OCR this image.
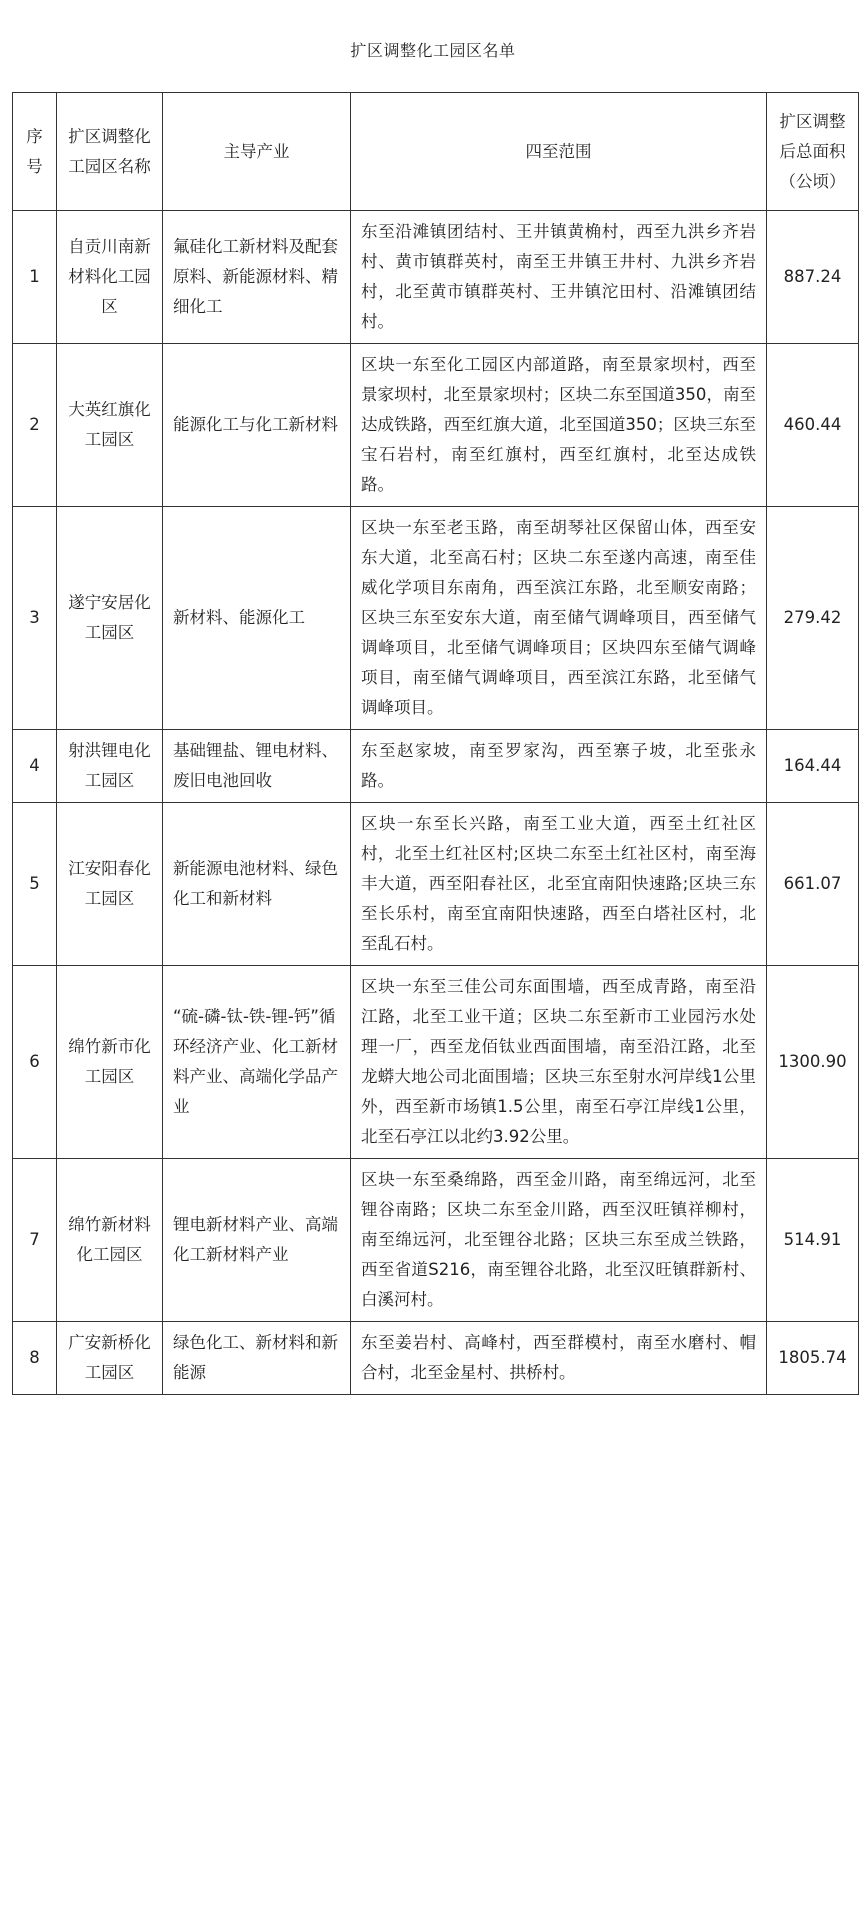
扩区调整化工园区名单
序号	扩区调整化工园区名称	主导产业	四至范围	扩区调整后总面积（公顷）
1	自贡川南新材料化工园区	氟硅化工新材料及配套原料、新能源材料、精细化工	东至沿滩镇团结村、王井镇黄桷村，西至九洪乡齐岩村、黄市镇群英村，南至王井镇王井村、九洪乡齐岩村，北至黄市镇群英村、王井镇沱田村、沿滩镇团结村。	887.24
2	大英红旗化工园区	能源化工与化工新材料	区块一东至化工园区内部道路，南至景家坝村，西至景家坝村，北至景家坝村；区块二东至国道350，南至达成铁路，西至红旗大道，北至国道350；区块三东至宝石岩村，南至红旗村，西至红旗村，北至达成铁路。	460.44
3	遂宁安居化工园区	新材料、能源化工	区块一东至老玉路，南至胡琴社区保留山体，西至安东大道，北至高石村；区块二东至遂内高速，南至佳威化学项目东南角，西至滨江东路，北至顺安南路；区块三东至安东大道，南至储气调峰项目，西至储气调峰项目，北至储气调峰项目；区块四东至储气调峰项目，南至储气调峰项目，西至滨江东路，北至储气调峰项目。	279.42
4	射洪锂电化工园区	基础锂盐、锂电材料、废旧电池回收	东至赵家坡，南至罗家沟，西至寨子坡，北至张永路。	164.44
5	江安阳春化工园区	新能源电池材料、绿色化工和新材料	区块一东至长兴路，南至工业大道，西至土红社区村，北至土红社区村;区块二东至土红社区村，南至海丰大道，西至阳春社区，北至宜南阳快速路;区块三东至长乐村，南至宜南阳快速路，西至白塔社区村，北至乱石村。	661.07
6	绵竹新市化工园区	“硫-磷-钛-铁-锂-钙”循环经济产业、化工新材料产业、高端化学品产业	区块一东至三佳公司东面围墙，西至成青路，南至沿江路，北至工业干道；区块二东至新市工业园污水处理一厂，西至龙佰钛业西面围墙，南至沿江路，北至龙蟒大地公司北面围墙；区块三东至射水河岸线1公里外，西至新市场镇1.5公里，南至石亭江岸线1公里，北至石亭江以北约3.92公里。	1300.90
7	绵竹新材料化工园区	锂电新材料产业、高端化工新材料产业	区块一东至桑绵路，西至金川路，南至绵远河，北至锂谷南路；区块二东至金川路，西至汉旺镇祥柳村，南至绵远河，北至锂谷北路；区块三东至成兰铁路，西至省道S216，南至锂谷北路，北至汉旺镇群新村、白溪河村。	514.91
8	广安新桥化工园区	绿色化工、新材料和新能源	东至姜岩村、高峰村，西至群模村，南至水磨村、帽合村，北至金星村、拱桥村。	1805.74
